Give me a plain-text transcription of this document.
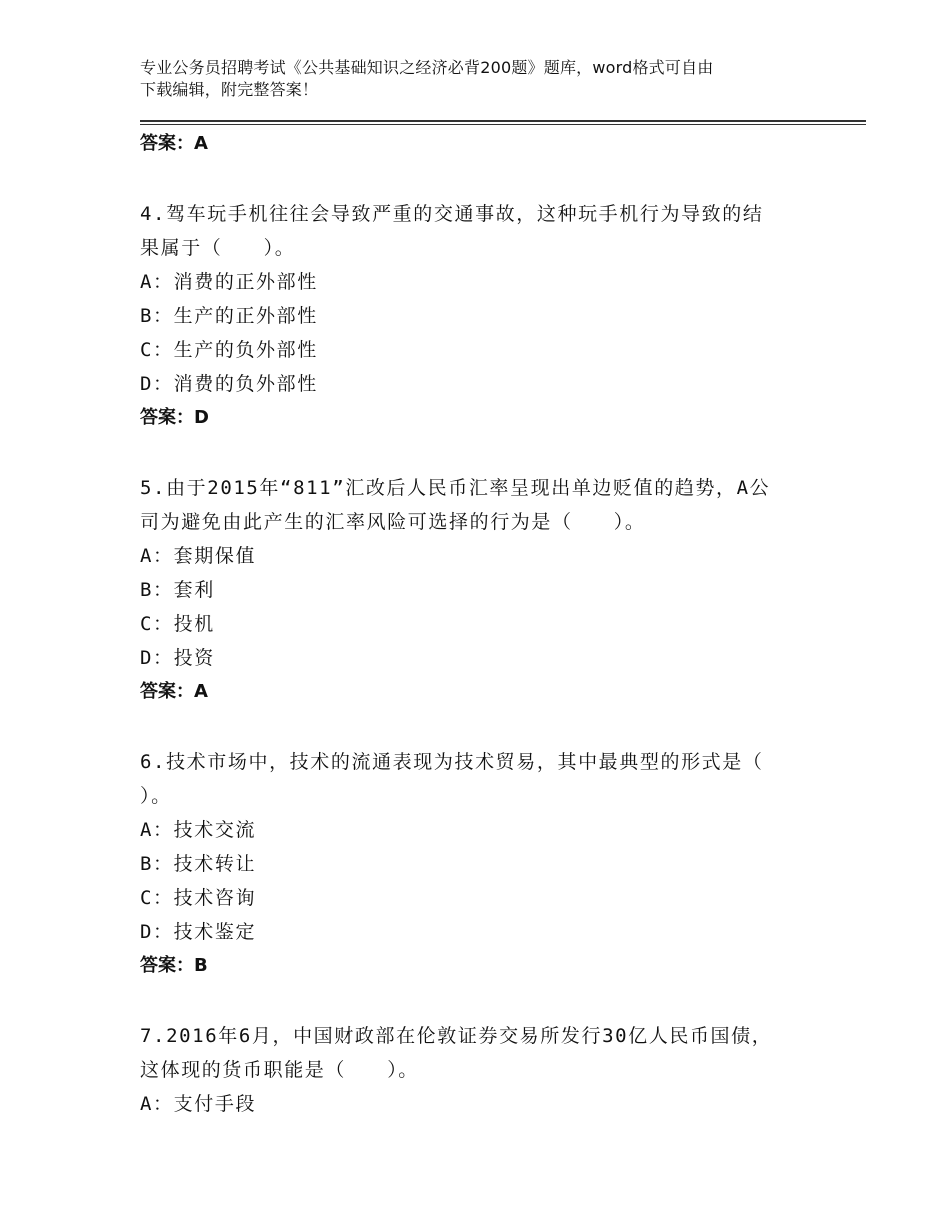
专业公务员招聘考试《公共基础知识之经济必背200题》题库，word格式可自由
下载编辑，附完整答案！
答案：A
4.驾车玩手机往往会导致严重的交通事故，这种玩手机行为导致的结
果属于（　　）。
A：消费的正外部性
B：生产的正外部性
C：生产的负外部性
D：消费的负外部性
答案：D
5.由于2015年“811”汇改后人民币汇率呈现出单边贬值的趋势，A公
司为避免由此产生的汇率风险可选择的行为是（　　）。
A：套期保值
B：套利
C：投机
D：投资
答案：A
6.技术市场中，技术的流通表现为技术贸易，其中最典型的形式是（
）。
A：技术交流
B：技术转让
C：技术咨询
D：技术鉴定
答案：B
7.2016年6月，中国财政部在伦敦证券交易所发行30亿人民币国债，
这体现的货币职能是（　　）。
A：支付手段
